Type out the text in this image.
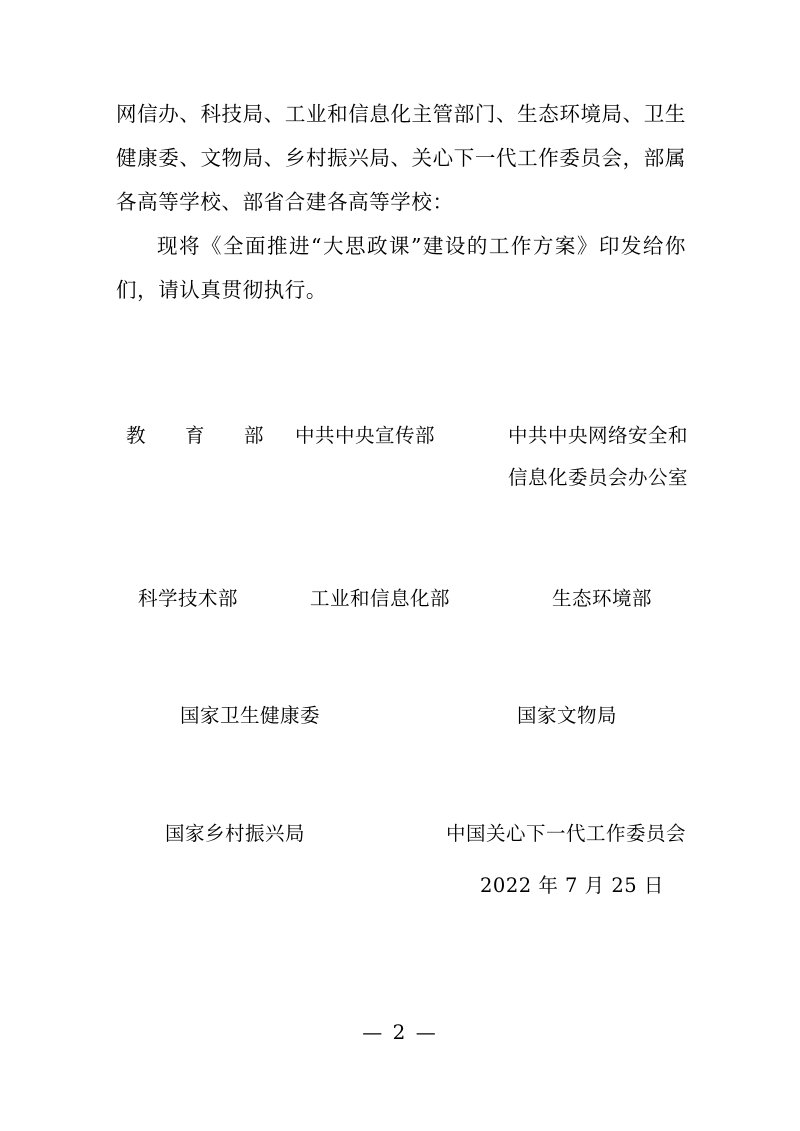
网信办、科技局、工业和信息化主管部门、生态环境局、卫生健康委、文物局、乡村振兴局、关心下一代工作委员会，部属各高等学校、部省合建各高等学校：

现将《全面推进“大思政课”建设的工作方案》印发给你们，请认真贯彻执行。

教　育　部 中共中央宣传部	中共中央网络安全和
信息化委员会办公室
科学技术部	工业和信息化部	生态环境部
国家卫生健康委	国家文物局
国家乡村振兴局	中国关心下一代工作委员会
2022 年 7 月 25 日
— 2 —
